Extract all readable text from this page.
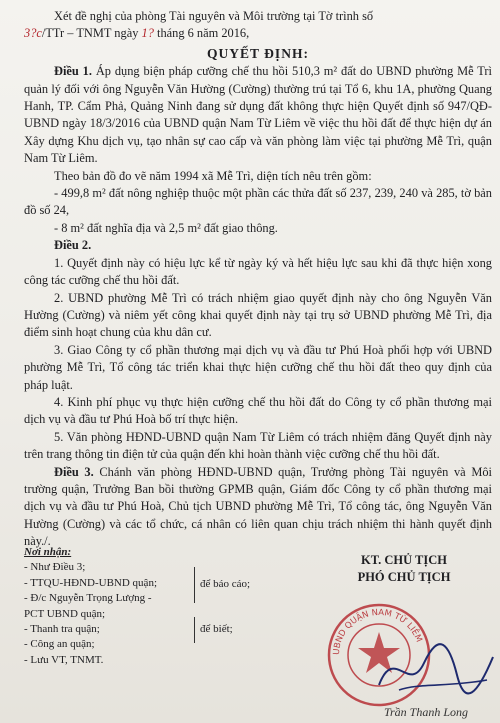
Xét đề nghị của phòng Tài nguyên và Môi trường tại Tờ trình số

3?c/TTr – TNMT ngày 1? tháng 6 năm 2016,

QUYẾT ĐỊNH:

Điều 1. Áp dụng biện pháp cưỡng chế thu hồi 510,3 m² đất do UBND phường Mễ Trì quản lý đối với ông Nguyễn Văn Hường (Cường) thường trú tại Tổ 6, khu 1A, phường Quang Hanh, TP. Cẩm Phả, Quảng Ninh đang sử dụng đất không thực hiện Quyết định số 947/QĐ-UBND ngày 18/3/2016 của UBND quận Nam Từ Liêm về việc thu hồi đất để thực hiện dự án Xây dựng Khu dịch vụ, tạo nhân sự cao cấp và văn phòng làm việc tại phường Mễ Trì, quận Nam Từ Liêm.

Theo bản đồ đo vẽ năm 1994 xã Mễ Trì, diện tích nêu trên gồm:

- 499,8 m² đất nông nghiệp thuộc một phần các thửa đất số 237, 239, 240 và 285, tờ bản đồ số 24,

- 8 m² đất nghĩa địa và 2,5 m² đất giao thông.

Điều 2.

1. Quyết định này có hiệu lực kể từ ngày ký và hết hiệu lực sau khi đã thực hiện xong công tác cưỡng chế thu hồi đất.

2. UBND phường Mễ Trì có trách nhiệm giao quyết định này cho ông Nguyễn Văn Hường (Cường) và niêm yết công khai quyết định này tại trụ sở UBND phường Mễ Trì, địa điểm sinh hoạt chung của khu dân cư.

3. Giao Công ty cổ phần thương mại dịch vụ và đầu tư Phú Hoà phối hợp với UBND phường Mễ Trì, Tổ công tác triển khai thực hiện cưỡng chế thu hồi đất theo quy định của pháp luật.

4. Kinh phí phục vụ thực hiện cưỡng chế thu hồi đất do Công ty cổ phần thương mại dịch vụ và đầu tư Phú Hoà bố trí thực hiện.

5. Văn phòng HĐND-UBND quận Nam Từ Liêm có trách nhiệm đăng Quyết định này trên trang thông tin điện tử của quận đến khi hoàn thành việc cưỡng chế thu hồi đất.

Điều 3. Chánh văn phòng HĐND-UBND quận, Trưởng phòng Tài nguyên và Môi trường quận, Trưởng Ban bồi thường GPMB quận, Giám đốc Công ty cổ phần thương mại dịch vụ và đầu tư Phú Hoà, Chủ tịch UBND phường Mễ Trì, Tổ công tác, ông Nguyễn Văn Hường (Cường) và các tổ chức, cá nhân có liên quan chịu trách nhiệm thi hành quyết định này./.

Nơi nhận:
- Như Điều 3;
- TTQU-HĐND-UBND quận;
- Đ/c Nguyễn Trọng Lượng -
PCT UBND quận;
- Thanh tra quận;
- Công an quận;
- Lưu VT, TNMT.
để báo cáo;
để biết;
KT. CHỦ TỊCH
PHÓ CHỦ TỊCH
UBND QUẬN NAM TỪ LIÊM
Trần Thanh Long
